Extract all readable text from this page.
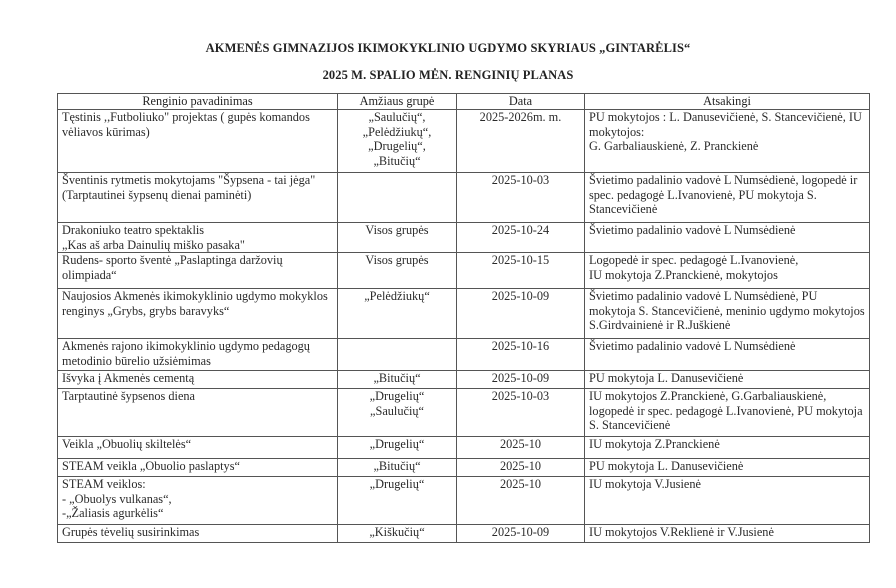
AKMENĖS GIMNAZIJOS IKIMOKYKLINIO UGDYMO SKYRIAUS „GINTARĖLIS“
2025 M. SPALIO MĖN. RENGINIŲ PLANAS
Renginio pavadinimas	Amžiaus grupė	Data	Atsakingi
Tęstinis ,,Futboliuko" projektas ( gupės komandos vėliavos kūrimas)	„Saulučių“,
„Pelėdžiukų“,
„Drugelių“,
„Bitučių“	2025-2026m. m.	PU mokytojos : L. Danusevičienė, S. Stancevičienė, IU mokytojos:
G. Garbaliauskienė, Z. Pranckienė
Šventinis rytmetis mokytojams "Šypsena - tai jėga" (Tarptautinei šypsenų dienai paminėti)		2025-10-03	Švietimo padalinio vadovė L Numsėdienė, logopedė ir spec. pedagogė L.Ivanovienė, PU mokytoja S. Stancevičienė
Drakoniuko teatro spektaklis
„Kas aš arba Dainulių miško pasaka"	Visos grupės	2025-10-24	Švietimo padalinio vadovė L Numsėdienė
Rudens- sporto šventė „Paslaptinga daržovių olimpiada“	Visos grupės	2025-10-15	Logopedė ir spec. pedagogė L.Ivanovienė,
IU mokytoja Z.Pranckienė, mokytojos
Naujosios Akmenės ikimokyklinio ugdymo mokyklos renginys „Grybs, grybs baravyks“	„Pelėdžiukų“	2025-10-09	Švietimo padalinio vadovė L Numsėdienė, PU mokytoja S. Stancevičienė, meninio ugdymo mokytojos S.Girdvainienė ir R.Juškienė
Akmenės rajono ikimokyklinio ugdymo pedagogų metodinio būrelio užsiėmimas		2025-10-16	Švietimo padalinio vadovė L Numsėdienė
Išvyka į Akmenės cementą	„Bitučių“	2025-10-09	PU mokytoja L. Danusevičienė
Tarptautinė šypsenos diena	„Drugelių“
„Saulučių“	2025-10-03	IU mokytojos Z.Pranckienė, G.Garbaliauskienė, logopedė ir spec. pedagogė L.Ivanovienė, PU mokytoja S. Stancevičienė
Veikla „Obuolių skiltelės“	„Drugelių“	2025-10	IU mokytoja Z.Pranckienė
STEAM veikla „Obuolio paslaptys“	„Bitučių“	2025-10	PU mokytoja L. Danusevičienė
STEAM veiklos:
- „Obuolys vulkanas“,
-„Žaliasis agurkėlis“	„Drugelių“	2025-10	IU mokytoja V.Jusienė
Grupės tėvelių susirinkimas	„Kiškučių“	2025-10-09	IU mokytojos V.Reklienė ir V.Jusienė
